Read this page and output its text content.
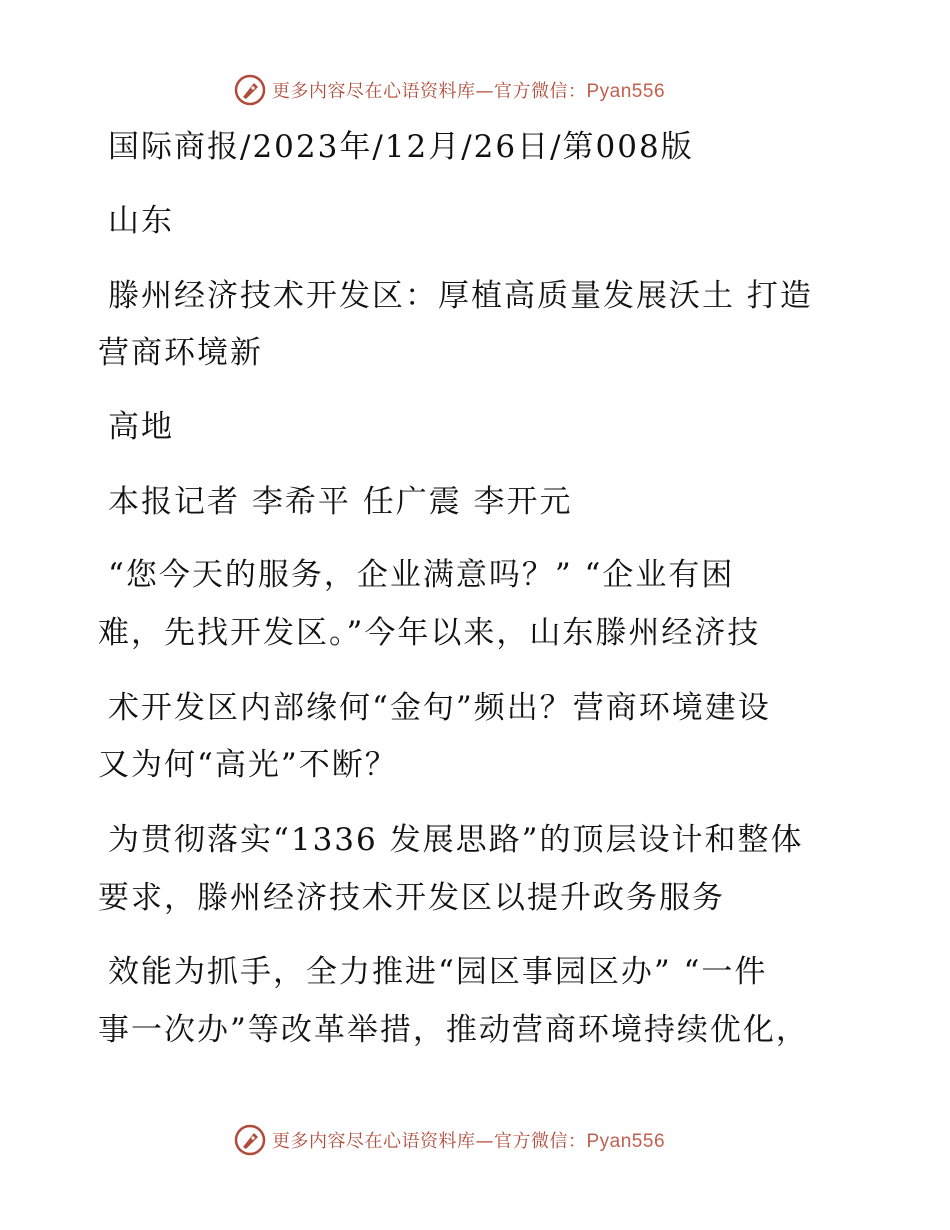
更多内容尽在心语资料库—官方微信：Pyan556
国际商报/2023年/12月/26日/第008版
山东
滕州经济技术开发区：厚植高质量发展沃土 打造
营商环境新
高地
本报记者 李希平 任广震 李开元
“您今天的服务，企业满意吗？” “企业有困
难，先找开发区。”今年以来，山东滕州经济技
术开发区内部缘何“金句”频出？营商环境建设
又为何“高光”不断？
为贯彻落实“1336 发展思路”的顶层设计和整体
要求，滕州经济技术开发区以提升政务服务
效能为抓手，全力推进“园区事园区办” “一件
事一次办”等改革举措，推动营商环境持续优化，
更多内容尽在心语资料库—官方微信：Pyan556
